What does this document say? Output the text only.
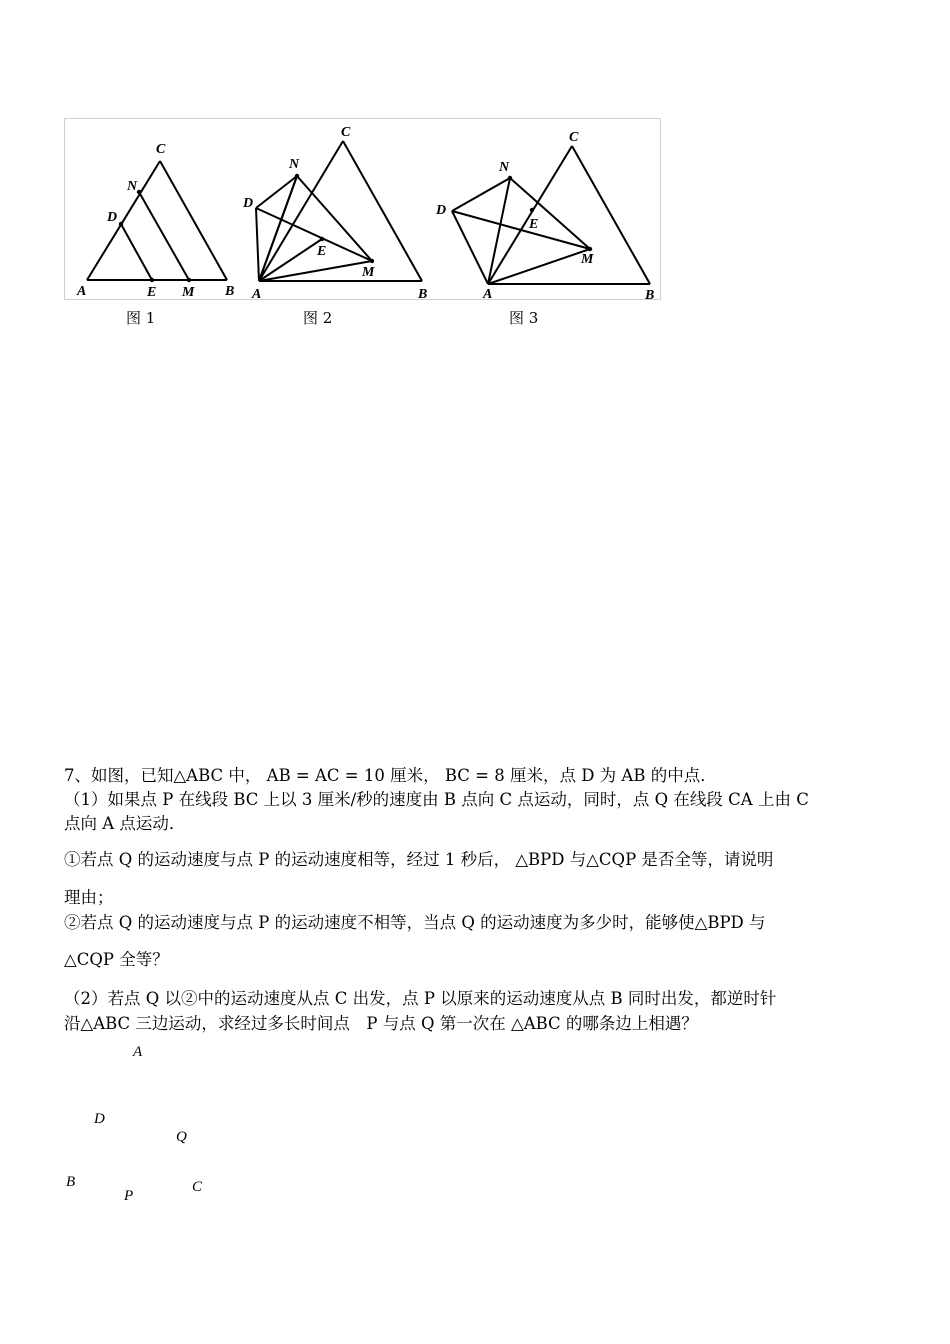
C
N
D
A	E M B
C
N
D
E
M
A	B
C
N
D
E
M
A	B
图 1	图 2	图 3
7、如图，已知△ABC 中， AB = AC = 10 厘米， BC = 8 厘米，点 D 为 AB 的中点．
（1）如果点 P 在线段 BC 上以 3 厘米/秒的速度由 B 点向 C 点运动，同时，点 Q 在线段 CA 上由 C
点向 A 点运动．
①若点 Q 的运动速度与点 P 的运动速度相等，经过 1 秒后， △BPD 与△CQP 是否全等，请说明
理由；
②若点 Q 的运动速度与点 P 的运动速度不相等，当点 Q 的运动速度为多少时，能够使△BPD 与
△CQP 全等？
（2）若点 Q 以②中的运动速度从点 C 出发，点 P 以原来的运动速度从点 B 同时出发，都逆时针
沿△ABC 三边运动，求经过多长时间点　P 与点 Q 第一次在 △ABC 的哪条边上相遇？
A
D
Q
B	C
P
